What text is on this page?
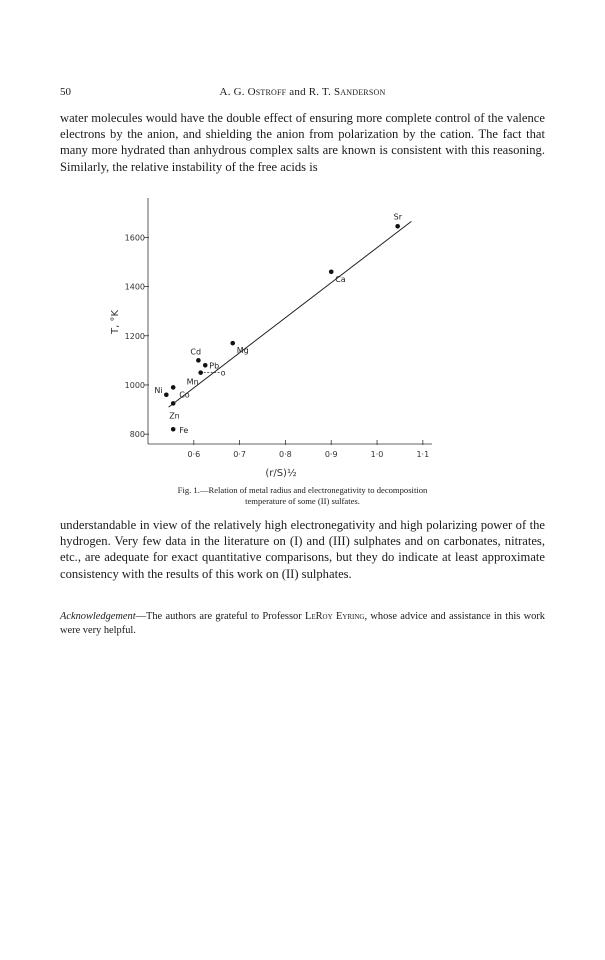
50	A. G. Ostroff and R. T. Sanderson

water molecules would have the double effect of ensuring more complete control of the valence electrons by the anion, and shielding the anion from polarization by the cation. The fact that many more hydrated than anhydrous complex salts are known is consistent with this reasoning. Similarly, the relative instability of the free acids is

800
1000
1200
1400
1600
0·6	0·7	0·8	0·9	1·0	1·1
Ni
Co
Zn
Fe
Mn
Pb
Cd	Mg
Ca
Sr
o
T, °K
(r/S)½
Fig. 1.—Relation of metal radius and electronegativity to decomposition
temperature of some (II) sulfates.

understandable in view of the relatively high electronegativity and high polarizing power of the hydrogen. Very few data in the literature on (I) and (III) sulphates and on carbonates, nitrates, etc., are adequate for exact quantitative comparisons, but they do indicate at least approximate consistency with the results of this work on (II) sulphates.

Acknowledgement—The authors are grateful to Professor LeRoy Eyring, whose advice and assistance in this work were very helpful.
